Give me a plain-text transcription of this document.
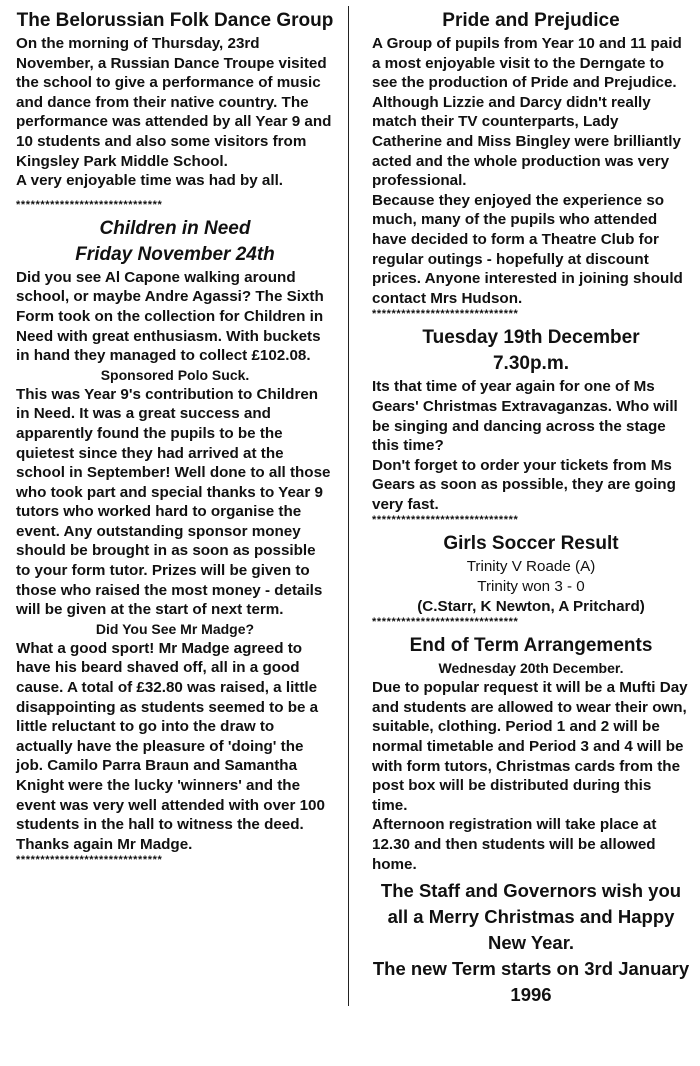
The Belorussian Folk Dance Group

On the morning of Thursday, 23rd November, a Russian Dance Troupe visited the school to give a performance of music and dance from their native country. The performance was attended by all Year 9 and 10 students and also some visitors from Kingsley Park Middle School.

A very enjoyable time was had by all.

******************************

Children in Need
Friday November 24th

Did you see Al Capone walking around school, or maybe Andre Agassi? The Sixth Form took on the collection for Children in Need with great enthusiasm. With buckets in hand they managed to collect £102.08.

Sponsored Polo Suck.

This was Year 9's contribution to Children in Need. It was a great success and apparently found the pupils to be the quietest since they had arrived at the school in September! Well done to all those who took part and special thanks to Year 9 tutors who worked hard to organise the event. Any outstanding sponsor money should be brought in as soon as possible to your form tutor. Prizes will be given to those who raised the most money - details will be given at the start of next term.

Did You See Mr Madge?

What a good sport! Mr Madge agreed to have his beard shaved off, all in a good cause. A total of £32.80 was raised, a little disappointing as students seemed to be a little reluctant to go into the draw to actually have the pleasure of 'doing' the job. Camilo Parra Braun and Samantha Knight were the lucky 'winners' and the event was very well attended with over 100 students in the hall to witness the deed. Thanks again Mr Madge.

******************************

Pride and Prejudice

A Group of pupils from Year 10 and 11 paid a most enjoyable visit to the Derngate to see the production of Pride and Prejudice. Although Lizzie and Darcy didn't really match their TV counterparts, Lady Catherine and Miss Bingley were brilliantly acted and the whole production was very professional.

Because they enjoyed the experience so much, many of the pupils who attended have decided to form a Theatre Club for regular outings - hopefully at discount prices. Anyone interested in joining should contact Mrs Hudson.

******************************

Tuesday 19th December
7.30p.m.

Its that time of year again for one of Ms Gears' Christmas Extravaganzas. Who will be singing and dancing across the stage this time?

Don't forget to order your tickets from Ms Gears as soon as possible, they are going very fast.

******************************

Girls Soccer Result

Trinity V Roade (A)

Trinity won 3 - 0

(C.Starr, K Newton, A Pritchard)

******************************

End of Term Arrangements
Wednesday 20th December.

Due to popular request it will be a Mufti Day and students are allowed to wear their own, suitable, clothing. Period 1 and 2 will be normal timetable and Period 3 and 4 will be with form tutors, Christmas cards from the post box will be distributed during this time.

Afternoon registration will take place at 12.30 and then students will be allowed home.

The Staff and Governors wish you all a Merry Christmas and Happy New Year.

The new Term starts on 3rd January 1996
